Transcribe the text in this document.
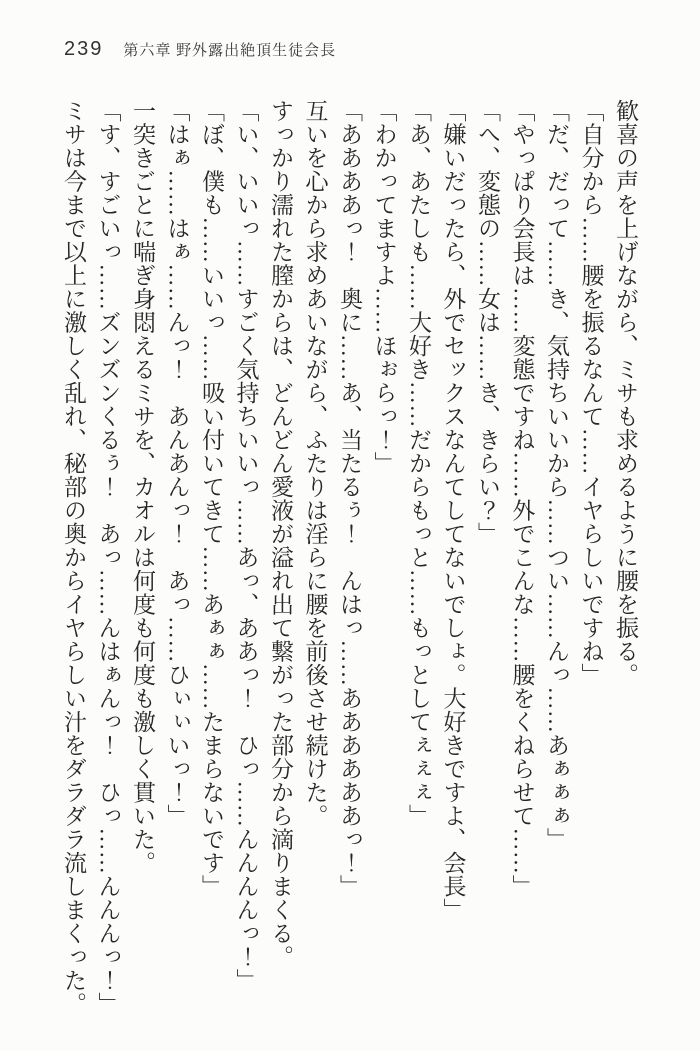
239 第六章 野外露出絶頂生徒会長

歓喜の声を上げながら、ミサも求めるように腰を振る。

「自分から……腰を振るなんて……イヤらしいですね」

「だ、だって……き、気持ちいいから……つい……んっ……あぁぁぁ」

「やっぱり会長は……変態ですね……外でこんな……腰をくねらせて……」

「へ、変態の……女は……き、きらい？」

「嫌いだったら、外でセックスなんてしてないでしょ。大好きですよ、会長」

「あ、あたしも……大好き……だからもっと……もっとしてぇぇぇ」

「わかってますよ……ほぉらっ！」

「ああああっ！　奥に……あ、当たるぅ！　んはっ……ああああああっ！」

互いを心から求めあいながら、ふたりは淫らに腰を前後させ続けた。

すっかり濡れた膣からは、どんどん愛液が溢れ出て繋がった部分から滴りまくる。

「い、いいっ……すごく気持ちいいっ……あっ、ああっ！　ひっ……んんんんっ！」

「ぼ、僕も……いいっ……吸い付いてきて……あぁぁ……たまらないです」

「はぁ……はぁ……んっ！　あんあんっ！　あっ……ひぃぃいっ！」

一突きごとに喘ぎ身悶えるミサを、カオルは何度も何度も激しく貫いた。

「す、すごいっ……ズンズンくるぅ！　あっ……んはぁんっ！　ひっ……んんんっ！」

ミサは今まで以上に激しく乱れ、秘部の奥からイヤらしい汁をダラダラ流しまくった。
